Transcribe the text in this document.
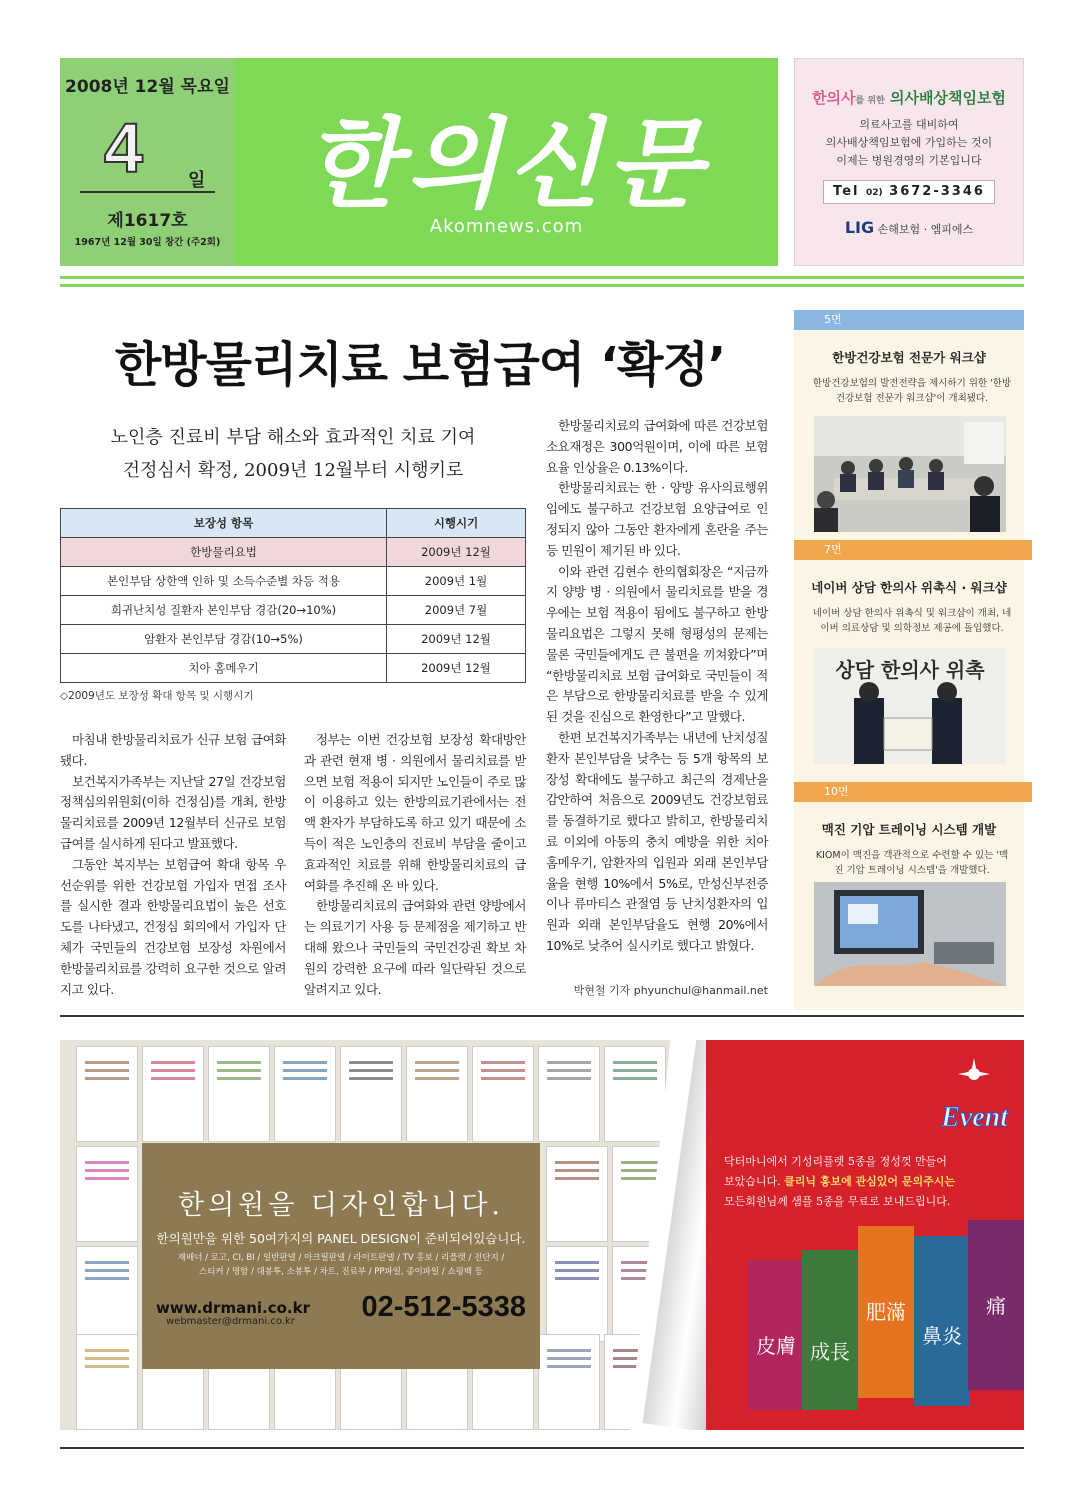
2008년 12월 목요일
4	일
제1617호
1967년 12월 30일 창간 (주2회)
한의신문
Akomnews.com
한의사를 위한 의사배상책임보험
의료사고를 대비하여
의사배상책임보험에 가입하는 것이
이제는 병원경영의 기본입니다
Tel 02) 3672-3346
LIG 손해보험 · 엠피에스
한방물리치료 보험급여 ‘확정’
노인층 진료비 부담 해소와 효과적인 치료 기여
건정심서 확정, 2009년 12월부터 시행키로
보장성 항목	시행시기
한방물리요법	2009년 12월
본인부담 상한액 인하 및 소득수준별 차등 적용	2009년 1월
희귀난치성 질환자 본인부담 경감(20→10%)	2009년 7월
암환자 본인부담 경감(10→5%)	2009년 12월
치아 홈메우기	2009년 12월
◇2009년도 보장성 확대 항목 및 시행시기

마침내 한방물리치료가 신규 보험 급여화 됐다.

보건복지가족부는 지난달 27일 건강보험정책심의위원회(이하 건정심)를 개최, 한방물리치료를 2009년 12월부터 신규로 보험급여를 실시하게 된다고 발표했다.

그동안 복지부는 보험급여 확대 항목 우선순위를 위한 건강보험 가입자 면접 조사를 실시한 결과 한방물리요법이 높은 선호도를 나타냈고, 건정심 회의에서 가입자 단체가 국민들의 건강보험 보장성 차원에서 한방물리치료를 강력히 요구한 것으로 알려지고 있다.

정부는 이번 건강보험 보장성 확대방안과 관련 현재 병 · 의원에서 물리치료를 받으면 보험 적용이 되지만 노인들이 주로 많이 이용하고 있는 한방의료기관에서는 전액 환자가 부담하도록 하고 있기 때문에 소득이 적은 노인층의 진료비 부담을 줄이고 효과적인 치료를 위해 한방물리치료의 급여화를 추진해 온 바 있다.

한방물리치료의 급여화와 관련 양방에서는 의료기기 사용 등 문제점을 제기하고 반대해 왔으나 국민들의 국민건강권 확보 차원의 강력한 요구에 따라 일단락된 것으로 알려지고 있다.

한방물리치료의 급여화에 따른 건강보험 소요재정은 300억원이며, 이에 따른 보험요율 인상율은 0.13%이다.

한방물리치료는 한 · 양방 유사의료행위임에도 불구하고 건강보험 요양급여로 인정되지 않아 그동안 환자에게 혼란을 주는 등 민원이 제기된 바 있다.

이와 관련 김현수 한의협회장은 “지금까지 양방 병 · 의원에서 물리치료를 받을 경우에는 보험 적용이 됨에도 불구하고 한방물리요법은 그렇지 못해 형평성의 문제는 물론 국민들에게도 큰 불편을 끼쳐왔다”며 “한방물리치료 보험 급여화로 국민들이 적은 부담으로 한방물리치료를 받을 수 있게 된 것을 진심으로 환영한다”고 말했다.

한편 보건복지가족부는 내년에 난치성질환자 본인부담을 낮추는 등 5개 항목의 보장성 확대에도 불구하고 최근의 경제난을 감안하여 처음으로 2009년도 건강보험료를 동결하기로 했다고 밝히고, 한방물리치료 이외에 아동의 충치 예방을 위한 치아 홈메우기, 암환자의 입원과 외래 본인부담율을 현행 10%에서 5%로, 만성신부전증이나 류마티스 관절염 등 난치성환자의 입원과 외래 본인부담율도 현행 20%에서 10%로 낮추어 실시키로 했다고 밝혔다.

박현철 기자 phyunchul@hanmail.net
5면
한방건강보험 전문가 워크샵
한방건강보험의 발전전략을 제시하기 위한 '한방건강보험 전문가 워크샵'이 개최됐다.
7면
네이버 상담 한의사 위촉식 · 워크샵
네이버 상담 한의사 위촉식 및 워크샵이 개최, 네이버 의료상담 및 의학정보 제공에 돌입했다.
상담 한의사 위촉
10면
맥진 기압 트레이닝 시스템 개발
KIOM이 맥진을 객관적으로 수련할 수 있는 '맥진 기압 트레이닝 시스템'을 개발했다.
한의원을 디자인합니다.
한의원만을 위한 50여가지의 PANEL DESIGN이 준비되어있습니다.
재배너 / 로고, CI, BI / 일반판넬 / 아크릴판넬 / 라이트판넬 / TV 홍보 / 리플렛 / 전단지 /
스티커 / 명함 / 대봉투, 소봉투 / 차트, 진료부 / PP파일, 종이파일 / 쇼핑백 등
www.drmani.co.kr
webmaster@drmani.co.kr 02-512-5338
Event
닥터마니에서 기성리플렛 5종을 정성껏 만들어
보았습니다. 클리닉 홍보에 관심있어 문의주시는
모든회원님께 샘플 5종을 무료로 보내드립니다.
皮膚 成長
肥滿
鼻炎
痛
